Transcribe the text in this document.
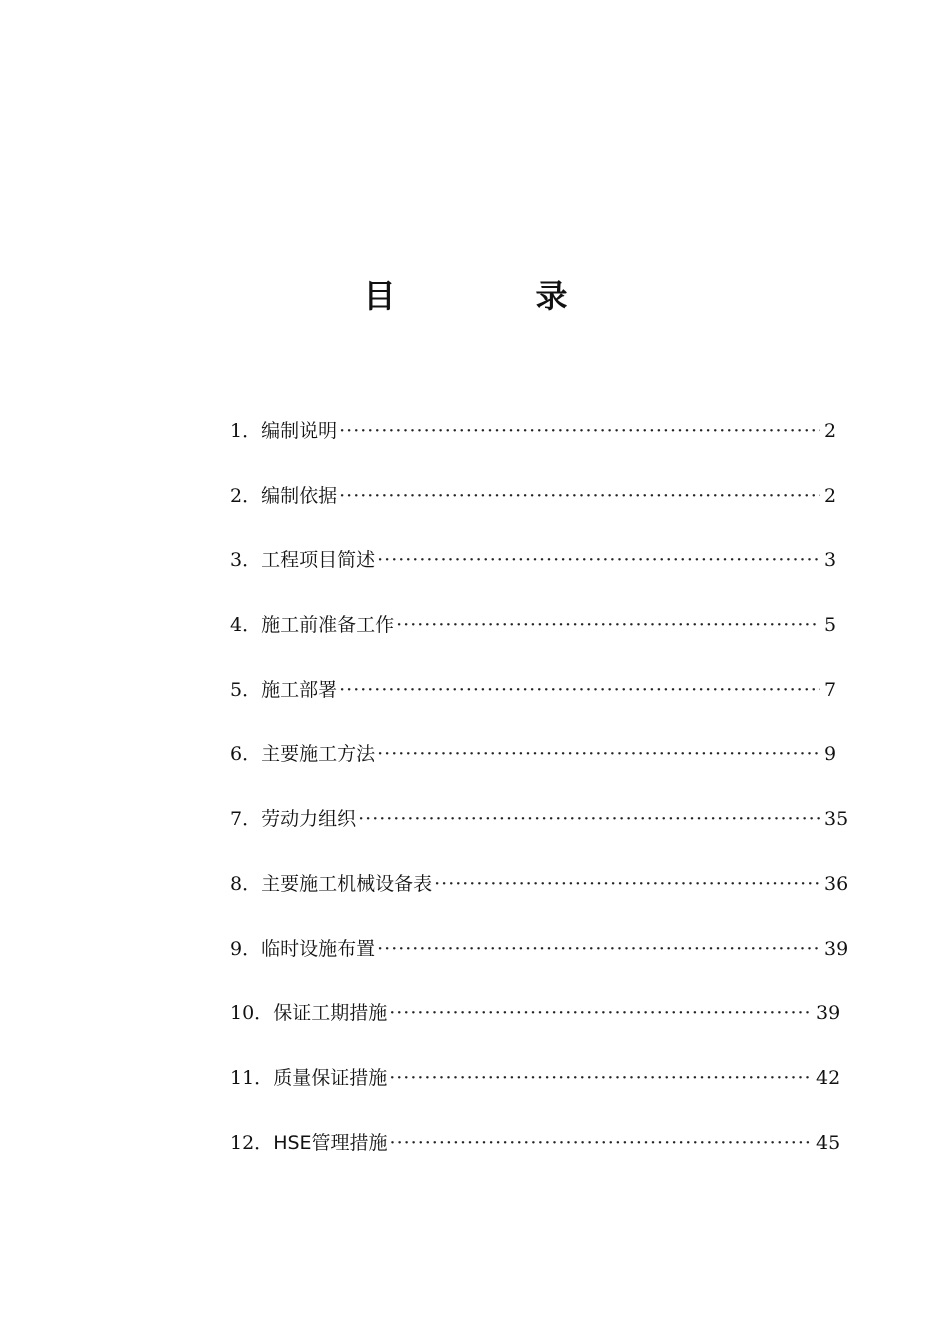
目　录
1． 编制说明 ·····	2
2． 编制依据 ·····	2
3． 工程项目简述 ·····	3
4． 施工前准备工作 ·····	5
5． 施工部署 ·····	7
6． 主要施工方法 ·····	9
7． 劳动力组织 ·····	35
8． 主要施工机械设备表 ·····	36
9． 临时设施布置 ·····	39
10． 保证工期措施 ·····	39
11． 质量保证措施 ·····	42
12． HSE管理措施 ·····	45
